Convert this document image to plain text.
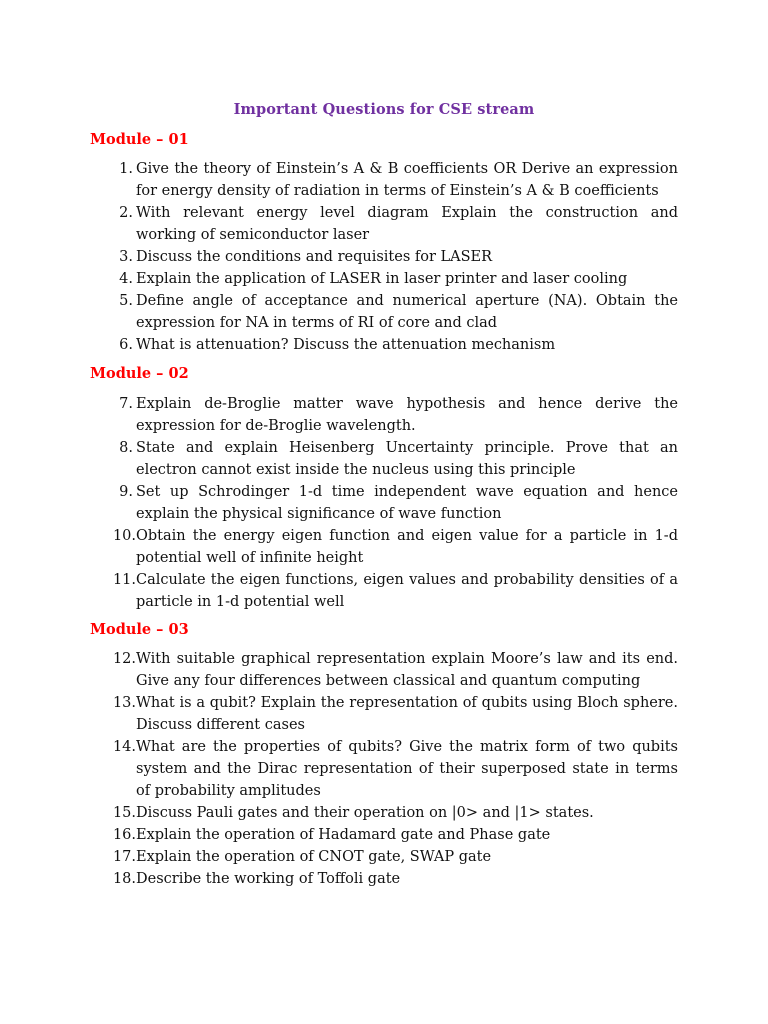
Important Questions for CSE stream
Module – 01
1. Give the theory of Einstein’s A & B coefficients OR Derive an expression for energy density of radiation in terms of Einstein’s A & B coefficients
2. With relevant energy level diagram Explain the construction and working of semiconductor laser
3. Discuss the conditions and requisites for LASER
4. Explain the application of LASER in laser printer and laser cooling
5. Define angle of acceptance and numerical aperture (NA). Obtain the expression for NA in terms of RI of core and clad
6. What is attenuation? Discuss the attenuation mechanism
Module – 02
7. Explain de-Broglie matter wave hypothesis and hence derive the expression for de-Broglie wavelength.
8. State and explain Heisenberg Uncertainty principle. Prove that an electron cannot exist inside the nucleus using this principle
9. Set up Schrodinger 1-d time independent wave equation and hence explain the physical significance of wave function
10. Obtain the energy eigen function and eigen value for a particle in 1-d potential well of infinite height
11. Calculate the eigen functions, eigen values and probability densities of a particle in 1-d potential well
Module – 03
12. With suitable graphical representation explain Moore’s law and its end. Give any four differences between classical and quantum computing
13. What is a qubit? Explain the representation of qubits using Bloch sphere. Discuss different cases
14. What are the properties of qubits? Give the matrix form of two qubits system and the Dirac representation of their superposed state in terms of probability amplitudes
15. Discuss Pauli gates and their operation on |0> and |1> states.
16. Explain the operation of Hadamard gate and Phase gate
17. Explain the operation of CNOT gate, SWAP gate
18. Describe the working of Toffoli gate
